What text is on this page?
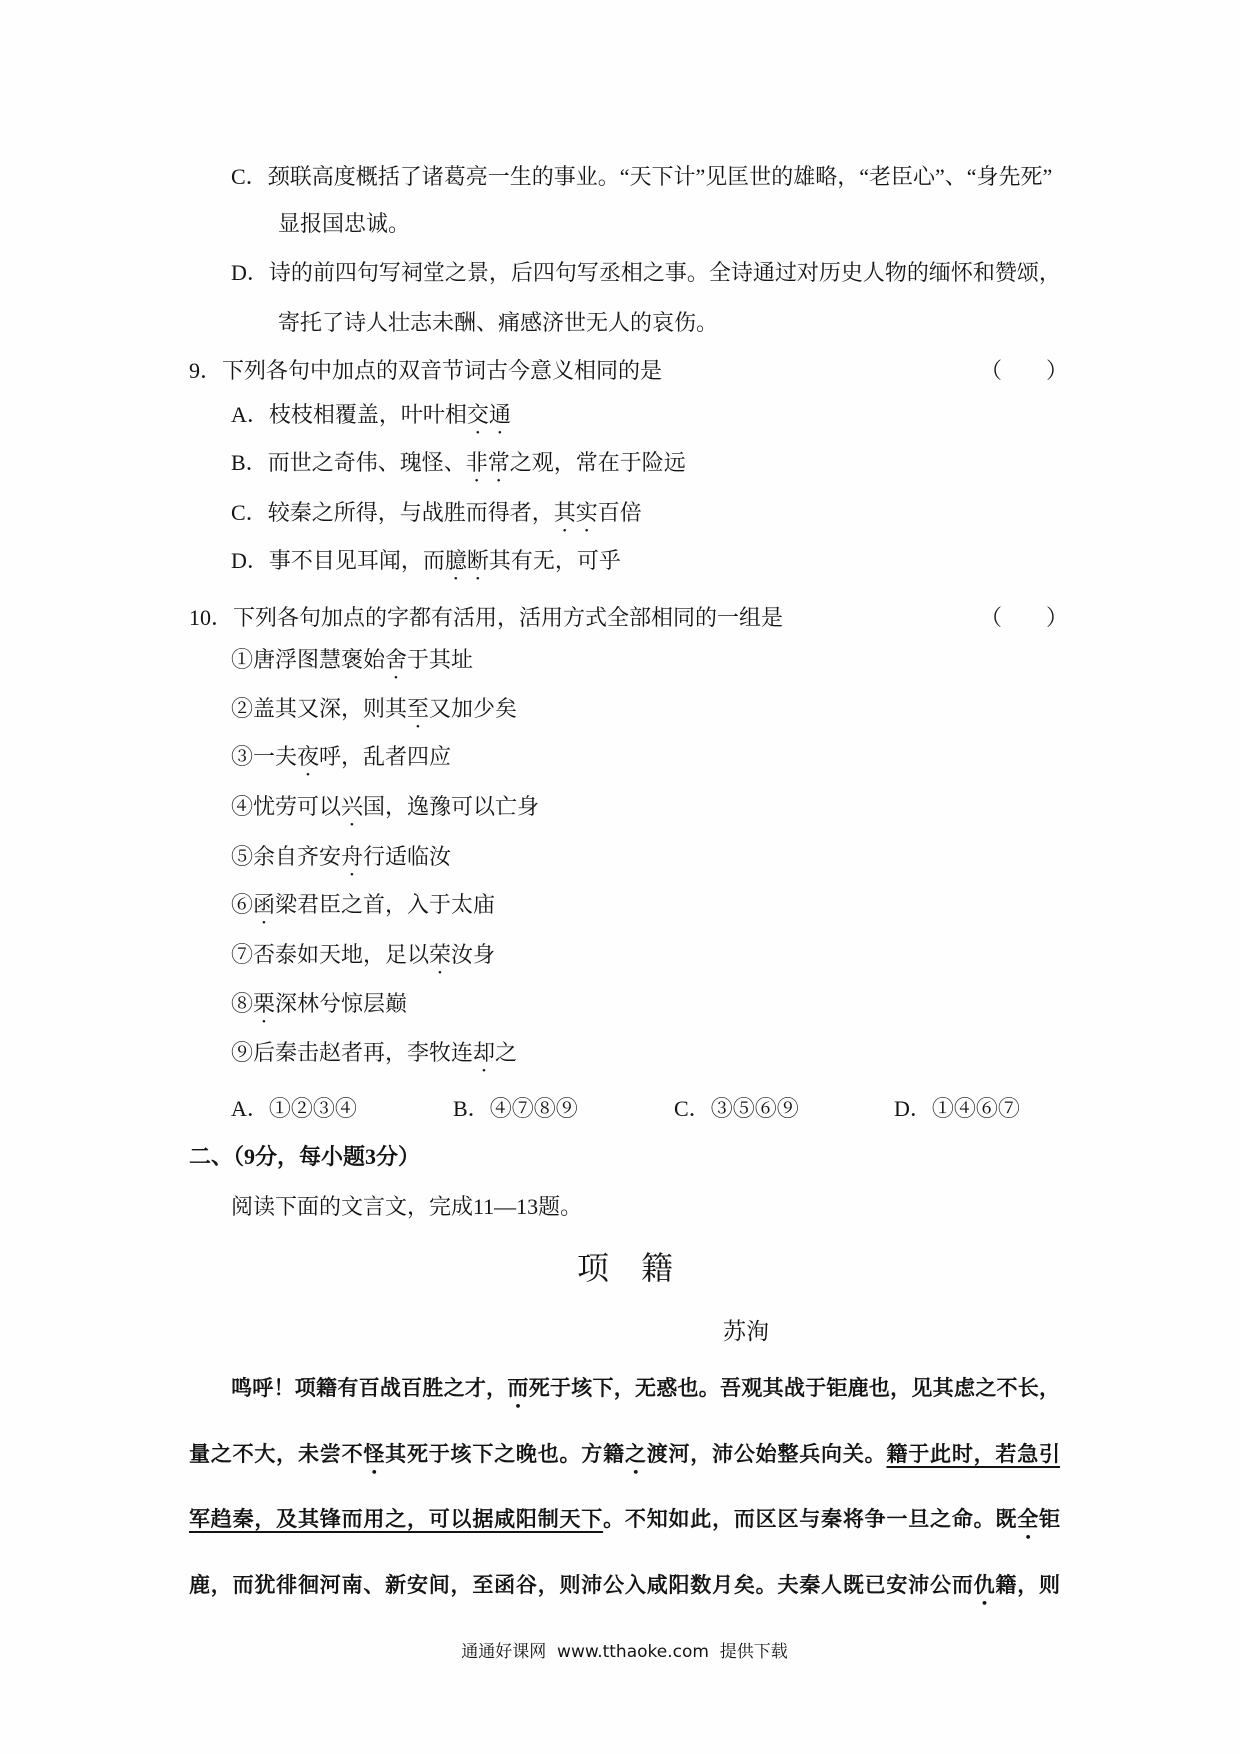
C．颈联高度概括了诸葛亮一生的事业。“天下计”见匡世的雄略，“老臣心”、“身先死”
显报国忠诚。
D．诗的前四句写祠堂之景，后四句写丞相之事。全诗通过对历史人物的缅怀和赞颂，
寄托了诗人壮志未酬、痛感济世无人的哀伤。
9．下列各句中加点的双音节词古今意义相同的是	（　　）
A．枝枝相覆盖，叶叶相交通
B．而世之奇伟、瑰怪、非常之观，常在于险远
C．较秦之所得，与战胜而得者，其实百倍
D．事不目见耳闻，而臆断其有无，可乎
10．下列各句加点的字都有活用，活用方式全部相同的一组是	（　　）
①唐浮图慧褒始舍于其址
②盖其又深，则其至又加少矣
③一夫夜呼，乱者四应
④忧劳可以兴国，逸豫可以亡身
⑤余自齐安舟行适临汝
⑥函梁君臣之首，入于太庙
⑦否泰如天地，足以荣汝身
⑧栗深林兮惊层巅
⑨后秦击赵者再，李牧连却之
A．①②③④	B．④⑦⑧⑨	C．③⑤⑥⑨	D．①④⑥⑦
二、（9分，每小题3分）
阅读下面的文言文，完成11—13题。
项　籍
苏洵
鸣呼！项籍有百战百胜之才，而死于垓下，无惑也。吾观其战于钜鹿也，见其虑之不长，
量之不大，未尝不怪其死于垓下之晚也。方籍之渡河，沛公始整兵向关。籍于此时，若急引
军趋秦，及其锋而用之，可以据咸阳制天下。不知如此，而区区与秦将争一旦之命。既全钜
鹿，而犹徘徊河南、新安间，至函谷，则沛公入咸阳数月矣。夫秦人既已安沛公而仇籍，则
通通好课网  www.tthaoke.com  提供下载
